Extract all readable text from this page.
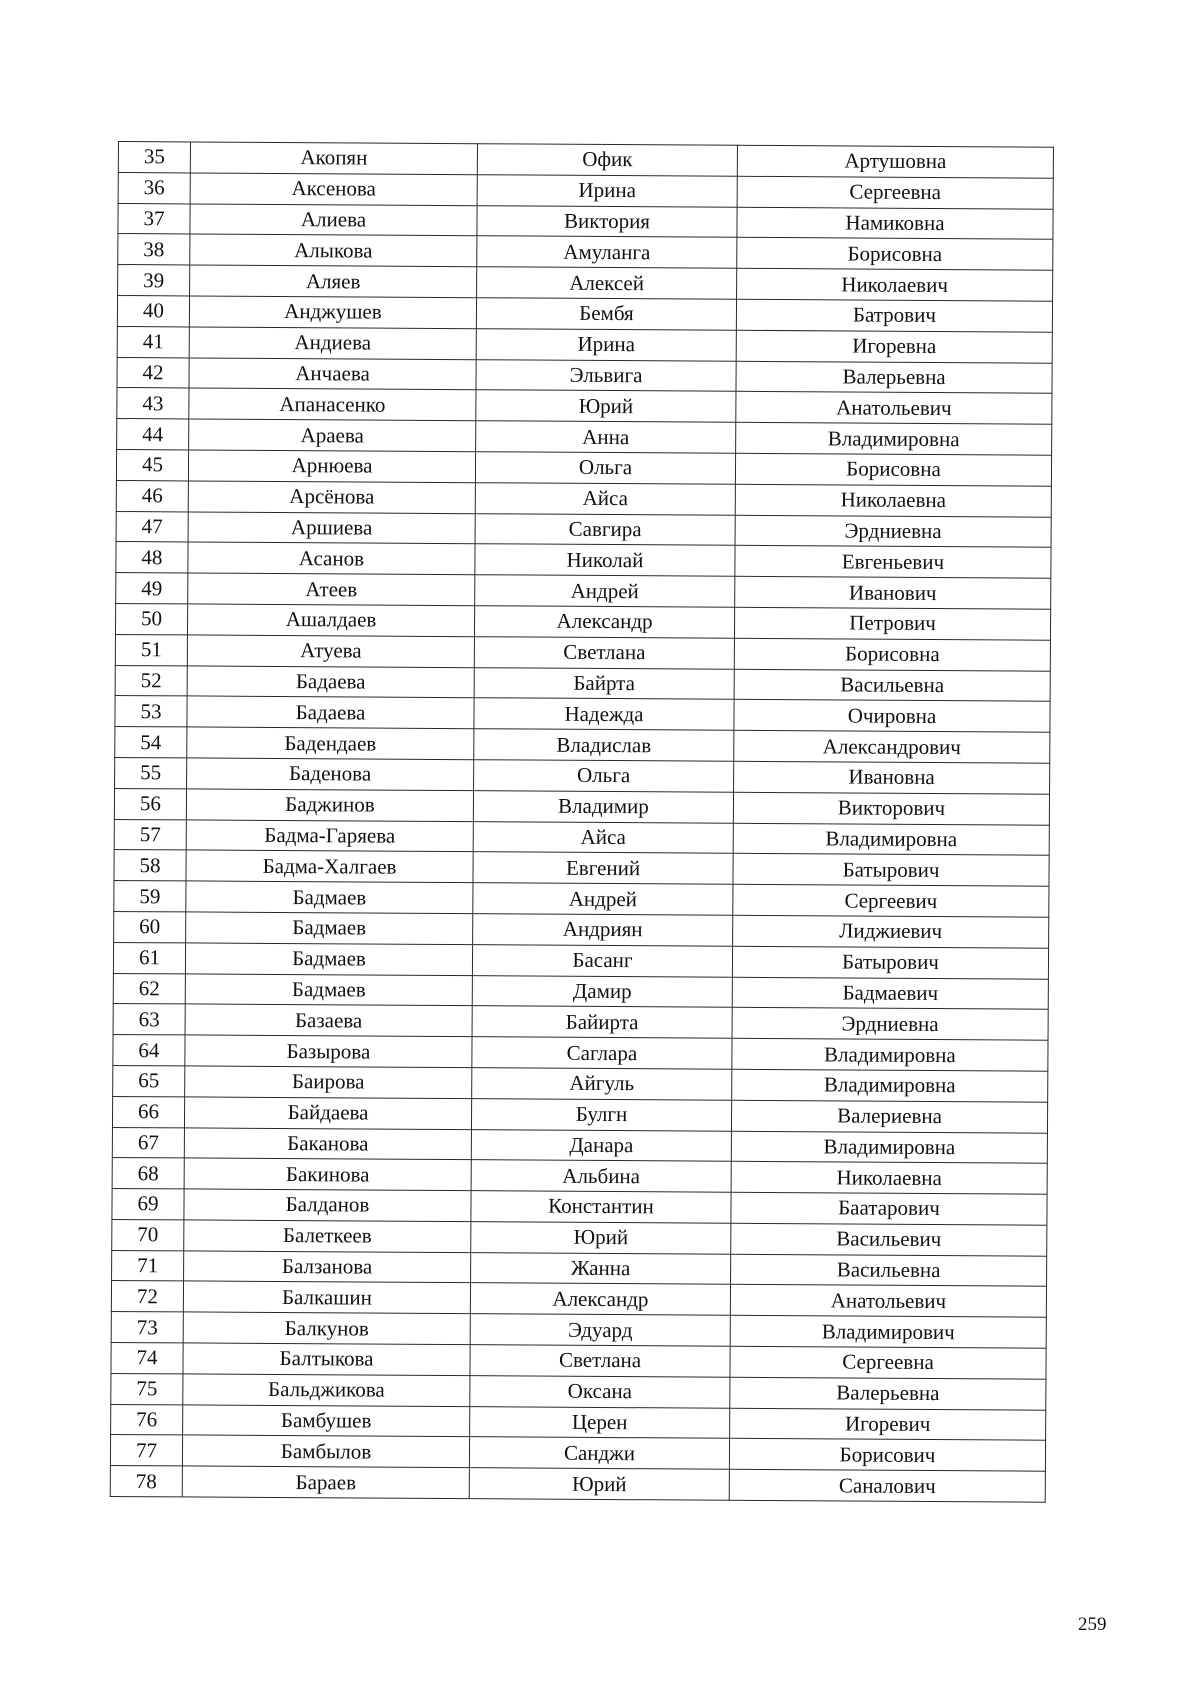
35	Акопян	Офик	Артушовна
36	Аксенова	Ирина	Сергеевна
37	Алиева	Виктория	Намиковна
38	Алыкова	Амуланга	Борисовна
39	Аляев	Алексей	Николаевич
40	Анджушев	Бембя	Батрович
41	Андиева	Ирина	Игоревна
42	Анчаева	Эльвига	Валерьевна
43	Апанасенко	Юрий	Анатольевич
44	Араева	Анна	Владимировна
45	Арнюева	Ольга	Борисовна
46	Арсёнова	Айса	Николаевна
47	Аршиева	Савгира	Эрдниевна
48	Асанов	Николай	Евгеньевич
49	Атеев	Андрей	Иванович
50	Ашалдаев	Александр	Петрович
51	Атуева	Светлана	Борисовна
52	Бадаева	Байрта	Васильевна
53	Бадаева	Надежда	Очировна
54	Бадендаев	Владислав	Александрович
55	Баденова	Ольга	Ивановна
56	Баджинов	Владимир	Викторович
57	Бадма-Гаряева	Айса	Владимировна
58	Бадма-Халгаев	Евгений	Батырович
59	Бадмаев	Андрей	Сергеевич
60	Бадмаев	Андриян	Лиджиевич
61	Бадмаев	Басанг	Батырович
62	Бадмаев	Дамир	Бадмаевич
63	Базаева	Байирта	Эрдниевна
64	Базырова	Саглара	Владимировна
65	Баирова	Айгуль	Владимировна
66	Байдаева	Булгн	Валериевна
67	Баканова	Данара	Владимировна
68	Бакинова	Альбина	Николаевна
69	Балданов	Константин	Баатарович
70	Балеткеев	Юрий	Васильевич
71	Балзанова	Жанна	Васильевна
72	Балкашин	Александр	Анатольевич
73	Балкунов	Эдуард	Владимирович
74	Балтыкова	Светлана	Сергеевна
75	Бальджикова	Оксана	Валерьевна
76	Бамбушев	Церен	Игоревич
77	Бамбылов	Санджи	Борисович
78	Бараев	Юрий	Саналович
259
